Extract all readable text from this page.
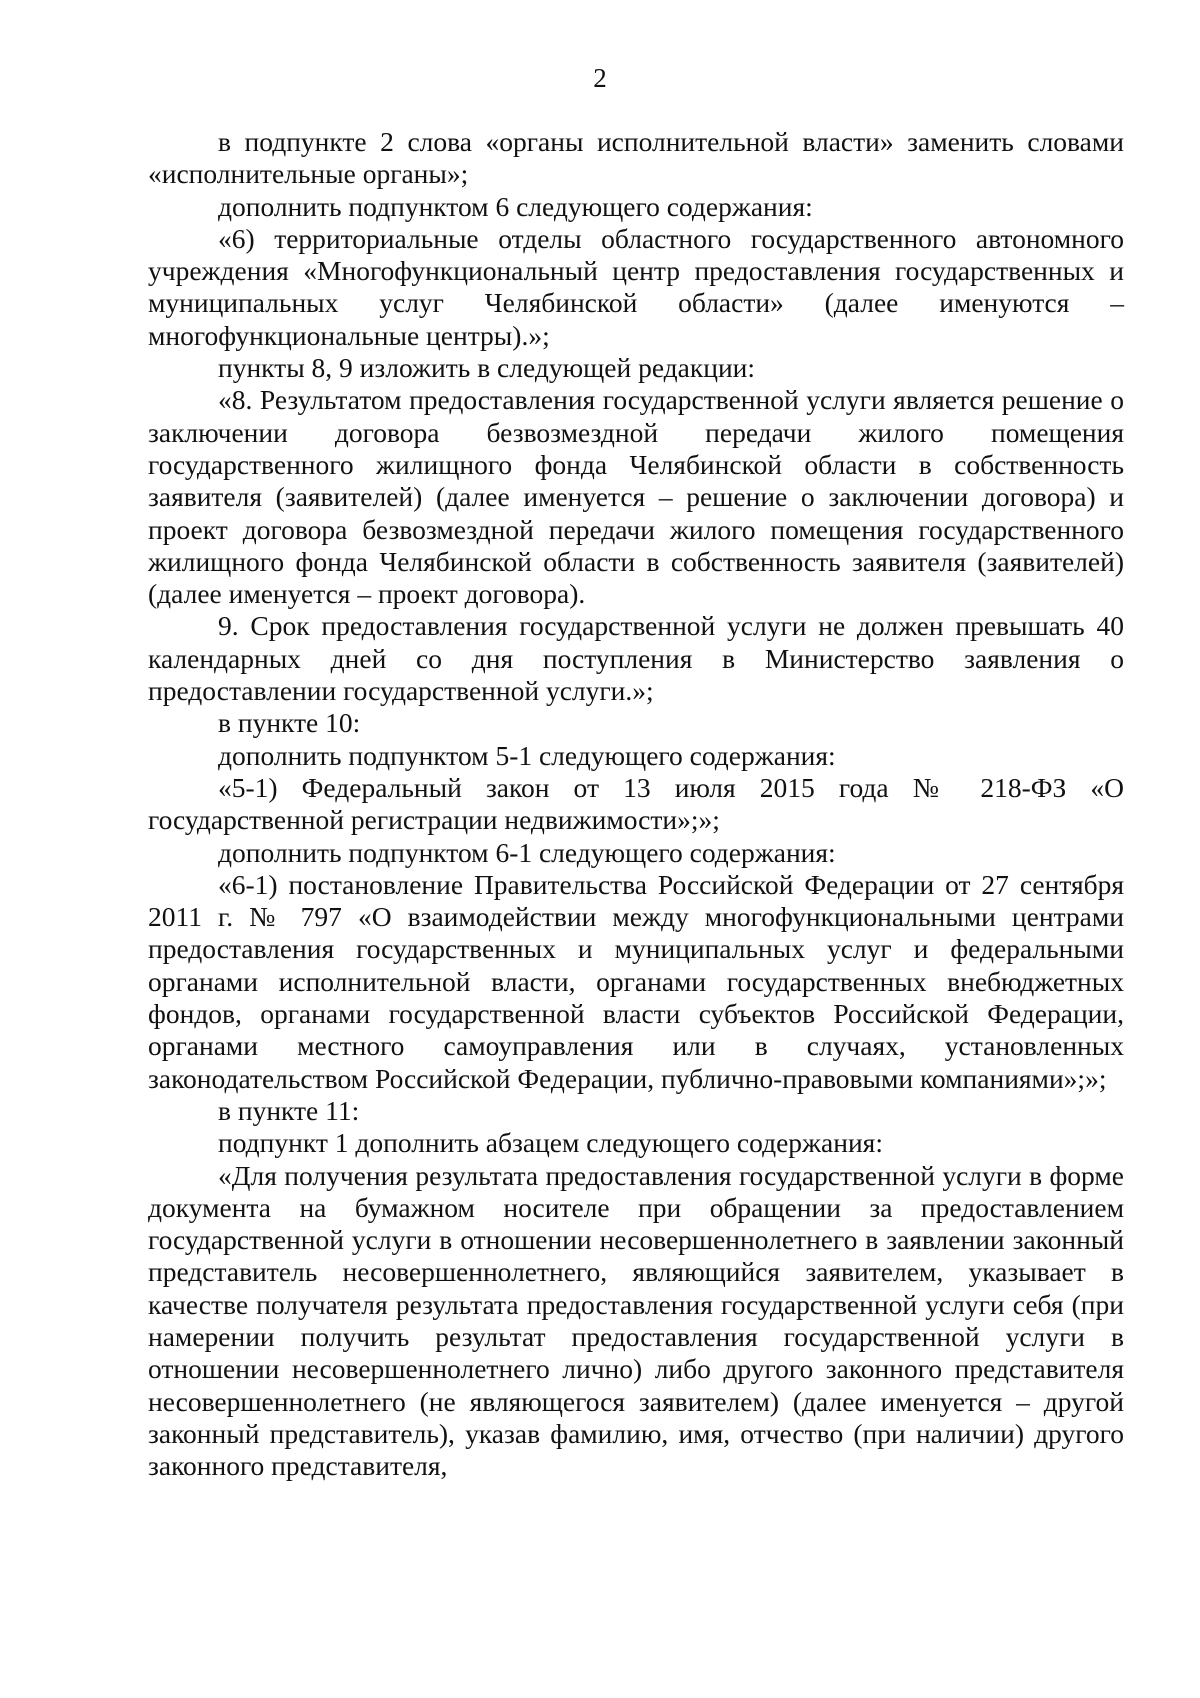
2

в подпункте 2 слова «органы исполнительной власти» заменить словами «исполнительные органы»;

дополнить подпунктом 6 следующего содержания:

«6) территориальные отделы областного государственного автономного учреждения «Многофункциональный центр предоставления государственных и муниципальных услуг Челябинской области» (далее именуются – многофункциональные центры).»;

пункты 8, 9 изложить в следующей редакции:

«8. Результатом предоставления государственной услуги является решение о заключении договора безвозмездной передачи жилого помещения государственного жилищного фонда Челябинской области в собственность заявителя (заявителей) (далее именуется – решение о заключении договора) и проект договора безвозмездной передачи жилого помещения государственного жилищного фонда Челябинской области в собственность заявителя (заявителей) (далее именуется – проект договора).

9. Срок предоставления государственной услуги не должен превышать 40 календарных дней со дня поступления в Министерство заявления о предоставлении государственной услуги.»;

в пункте 10:

дополнить подпунктом 5-1 следующего содержания:

«5-1) Федеральный закон от 13 июля 2015 года № 218-ФЗ «О государственной регистрации недвижимости»;»;

дополнить подпунктом 6-1 следующего содержания:

«6-1) постановление Правительства Российской Федерации от 27 сентября 2011 г. № 797 «О взаимодействии между многофункциональными центрами предоставления государственных и муниципальных услуг и федеральными органами исполнительной власти, органами государственных внебюджетных фондов, органами государственной власти субъектов Российской Федерации, органами местного самоуправления или в случаях, установленных законодательством Российской Федерации, публично-правовыми компаниями»;»;

в пункте 11:

подпункт 1 дополнить абзацем следующего содержания:

«Для получения результата предоставления государственной услуги в форме документа на бумажном носителе при обращении за предоставлением государственной услуги в отношении несовершеннолетнего в заявлении законный представитель несовершеннолетнего, являющийся заявителем, указывает в качестве получателя результата предоставления государственной услуги себя (при намерении получить результат предоставления государственной услуги в отношении несовершеннолетнего лично) либо другого законного представителя несовершеннолетнего (не являющегося заявителем) (далее именуется – другой законный представитель), указав фамилию, имя, отчество (при наличии) другого законного представителя,
